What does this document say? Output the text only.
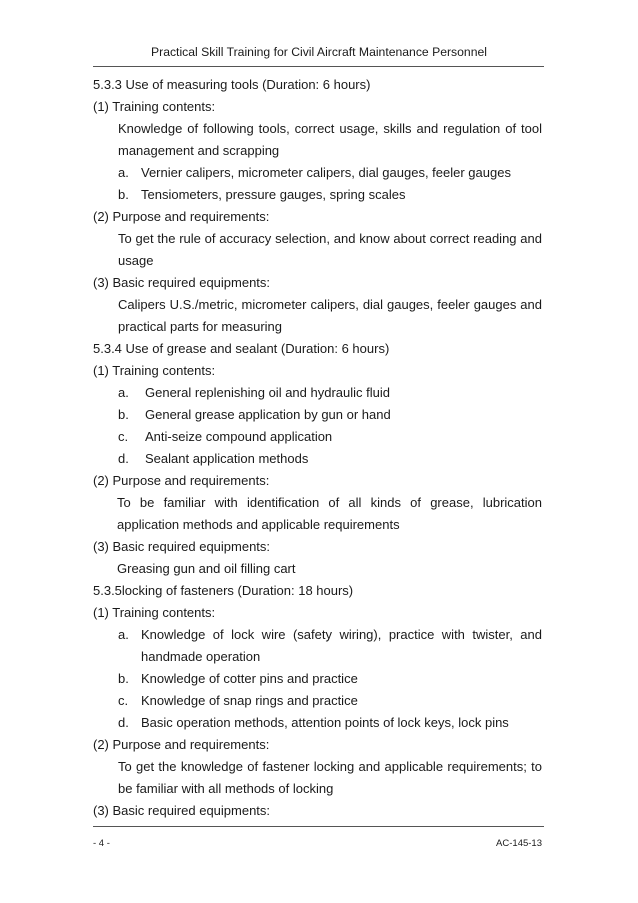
Practical Skill Training for Civil Aircraft Maintenance Personnel
5.3.3 Use of measuring tools (Duration: 6 hours)
(1) Training contents:
Knowledge of following tools, correct usage, skills and regulation of tool
management and scrapping
a. Vernier calipers, micrometer calipers, dial gauges, feeler gauges
b. Tensiometers, pressure gauges, spring scales
(2) Purpose and requirements:
To get the rule of accuracy selection, and know about correct reading and
usage
(3) Basic required equipments:
Calipers U.S./metric, micrometer calipers, dial gauges, feeler gauges and
practical parts for measuring
5.3.4 Use of grease and sealant (Duration: 6 hours)
(1) Training contents:
a. General replenishing oil and hydraulic fluid
b. General grease application by gun or hand
c. Anti-seize compound application
d. Sealant application methods
(2) Purpose and requirements:
To be familiar with identification of all kinds of grease, lubrication
application methods and applicable requirements
(3) Basic required equipments:
Greasing gun and oil filling cart
5.3.5locking of fasteners (Duration: 18 hours)
(1) Training contents:
a. Knowledge of lock wire (safety wiring), practice with twister, and
handmade operation
b. Knowledge of cotter pins and practice
c. Knowledge of snap rings and practice
d. Basic operation methods, attention points of lock keys, lock pins
(2) Purpose and requirements:
To get the knowledge of fastener locking and applicable requirements; to
be familiar with all methods of locking
(3) Basic required equipments:
- 4 -	AC-145-13
